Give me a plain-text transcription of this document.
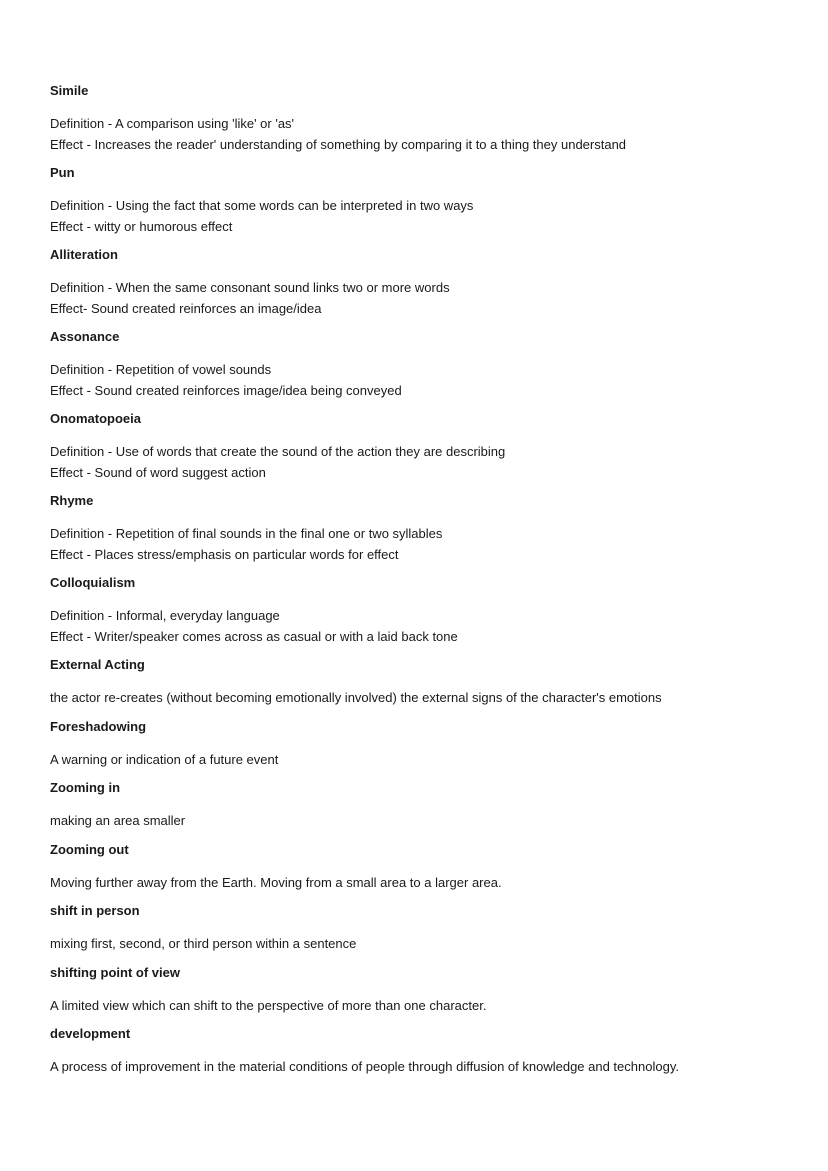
Simile
Definition - A comparison using 'like' or 'as'
Effect - Increases the reader' understanding of something by comparing it to a thing they understand
Pun
Definition - Using the fact that some words can be interpreted in two ways
Effect - witty or humorous effect
Alliteration
Definition - When the same consonant sound links two or more words
Effect- Sound created reinforces an image/idea
Assonance
Definition - Repetition of vowel sounds
Effect - Sound created reinforces image/idea being conveyed
Onomatopoeia
Definition - Use of words that create the sound of the action they are describing
Effect - Sound of word suggest action
Rhyme
Definition - Repetition of final sounds in the final one or two syllables
Effect - Places stress/emphasis on particular words for effect
Colloquialism
Definition - Informal, everyday language
Effect - Writer/speaker comes across as casual or with a laid back tone
External Acting
the actor re-creates (without becoming emotionally involved) the external signs of the character's emotions
Foreshadowing
A warning or indication of a future event
Zooming in
making an area smaller
Zooming out
Moving further away from the Earth. Moving from a small area to a larger area.
shift in person
mixing first, second, or third person within a sentence
shifting point of view
A limited view which can shift to the perspective of more than one character.
development
A process of improvement in the material conditions of people through diffusion of knowledge and technology.
